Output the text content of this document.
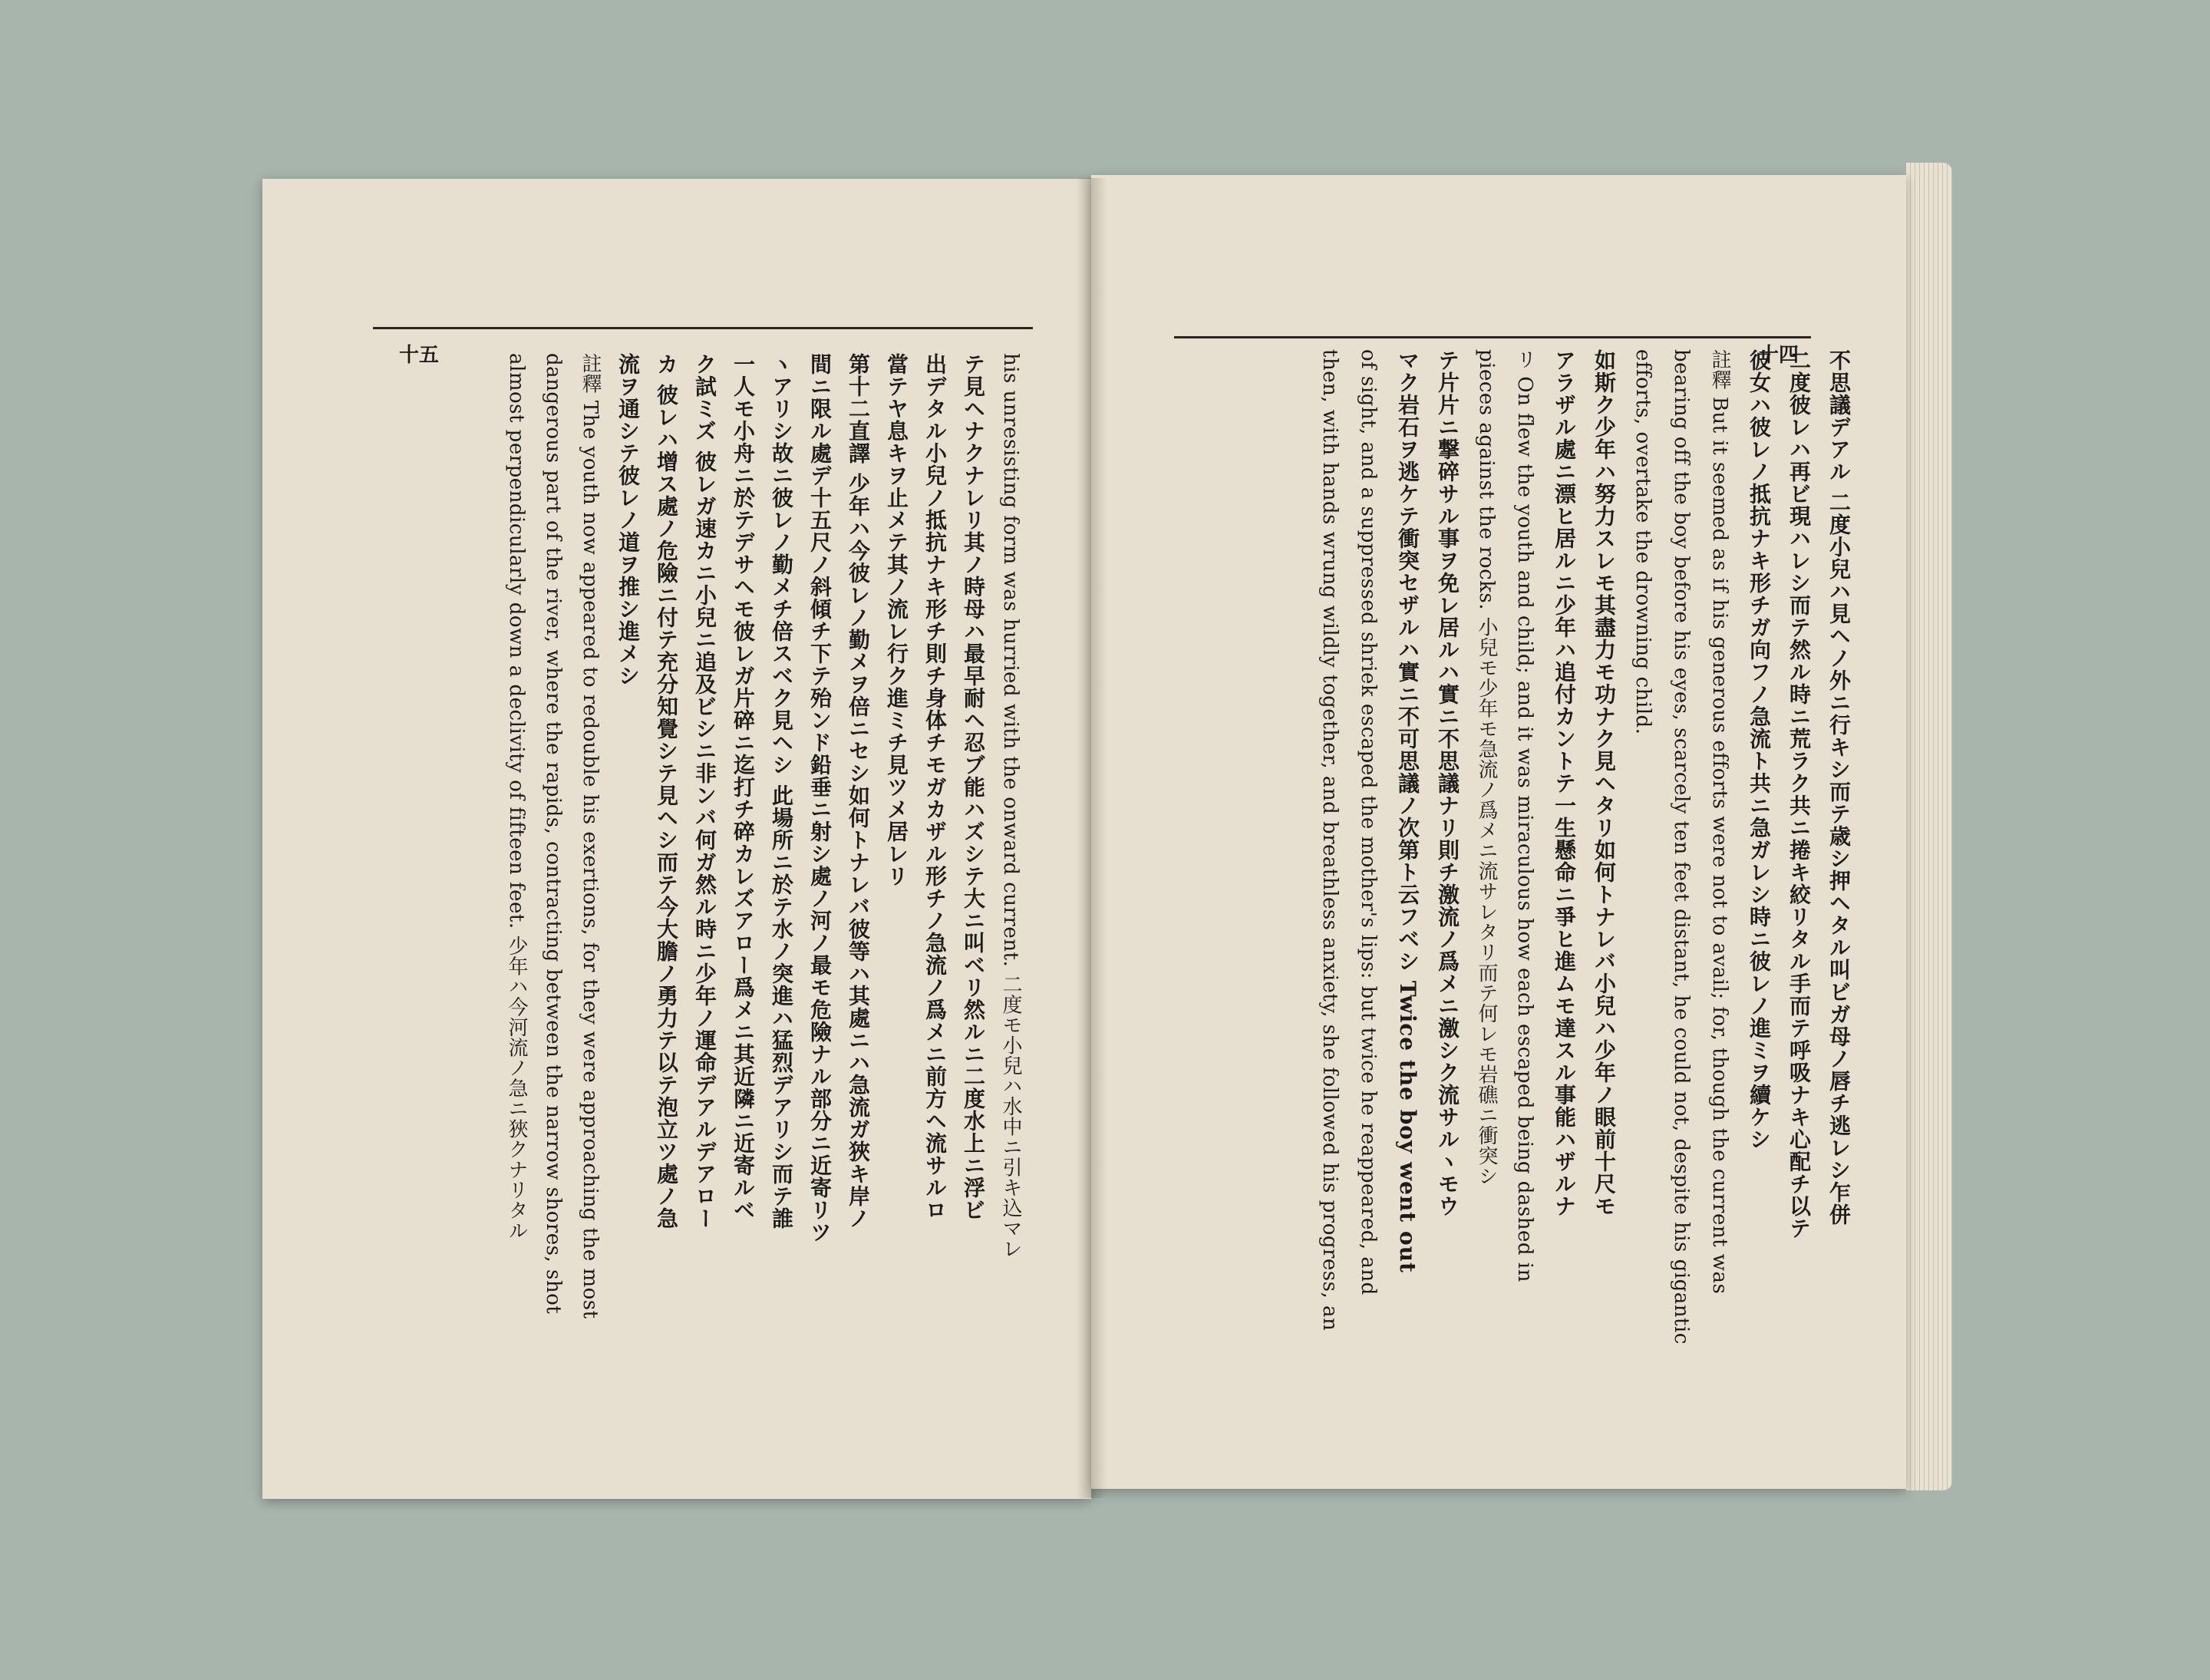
十五	十四
his unresisting form was hurried with the onward current. 二度モ小兒ハ水中ニ引キ込マレ
テ見ヘナクナレリ其ノ時母ハ最早耐ヘ忍ブ能ハズシテ大ニ叫ベリ然ルニ二度水上ニ浮ビ
出デタル小兒ノ抵抗ナキ形チ則チ身体チモガカザル形チノ急流ノ爲メニ前方ヘ流サルロ
當テヤ息キヲ止メテ其ノ流レ行ク進ミチ見ツメ居レリ
第十二直譯 少年ハ今彼レノ勤メヲ倍ニセシ如何トナレバ彼等ハ其處ニハ急流ガ狹キ岸ノ
間ニ限ル處デ十五尺ノ斜傾チ下テ殆ンド鉛垂ニ射シ處ノ河ノ最モ危險ナル部分ニ近寄リツ
ヽアリシ故ニ彼レノ勤メチ倍スベク見ヘシ 此場所ニ於テ水ノ突進ハ猛烈デアリシ而テ誰
一人モ小舟ニ於テデサヘモ彼レガ片碎ニ迄打チ碎カレズアロー爲メニ其近隣ニ近寄ルベ
ク試ミズ 彼レガ速カニ小兒ニ追及ビシニ非ンバ何ガ然ル時ニ少年ノ運命デアルデアロー
カ 彼レハ增ス處ノ危險ニ付テ充分知覺シテ見ヘシ而テ今大膽ノ勇力テ以テ泡立ツ處ノ急
流ヲ通シテ彼レノ道ヲ推シ進メシ
註釋 The youth now appeared to redouble his exertions, for they were approaching the most
dangerous part of the river, where the rapids, contracting between the narrow shores, shot
almost perpendicularly down a declivity of fifteen feet. 少年ハ今河流ノ急ニ狹クナリタル	不思議デアル 二度小兒ハ見ヘノ外ニ行キシ而テ歳シ押ヘタル叫ビガ母ノ唇チ逃レシ乍併
二度彼レハ再ビ現ハレシ而テ然ル時ニ荒ラク共ニ捲キ絞リタル手而テ呼吸ナキ心配チ以テ
彼女ハ彼レノ抵抗ナキ形チガ向フノ急流ト共ニ急ガレシ時ニ彼レノ進ミヲ續ケシ
註釋 But it seemed as if his generous efforts were not to avail; for, though the current was
bearing off the boy before his eyes, scarcely ten feet distant, he could not, despite his gigantic
efforts, overtake the drowning child.
如斯ク少年ハ努力スレモ其盡力モ功ナク見ヘタリ如何トナレバ小兒ハ少年ノ眼前十尺モ
アラザル處ニ漂ヒ居ルニ少年ハ追付カントテ一生懸命ニ爭ヒ進ムモ達スル事能ハザルナ
リ On flew the youth and child; and it was miraculous how each escaped being dashed in
pieces against the rocks. 小兒モ少年モ急流ノ爲メニ流サレタリ而テ何レモ岩礁ニ衝突シ
テ片片ニ撃碎サル事ヲ免レ居ルハ實ニ不思議ナリ則チ激流ノ爲メニ激シク流サルヽモウ
マク岩石ヲ逃ケテ衝突セザルハ實ニ不可思議ノ次第ト云フベシ Twice the boy went out
of sight, and a suppressed shriek escaped the mother's lips: but twice he reappeared, and
then, with hands wrung wildly together, and breathless anxiety, she followed his progress, an
